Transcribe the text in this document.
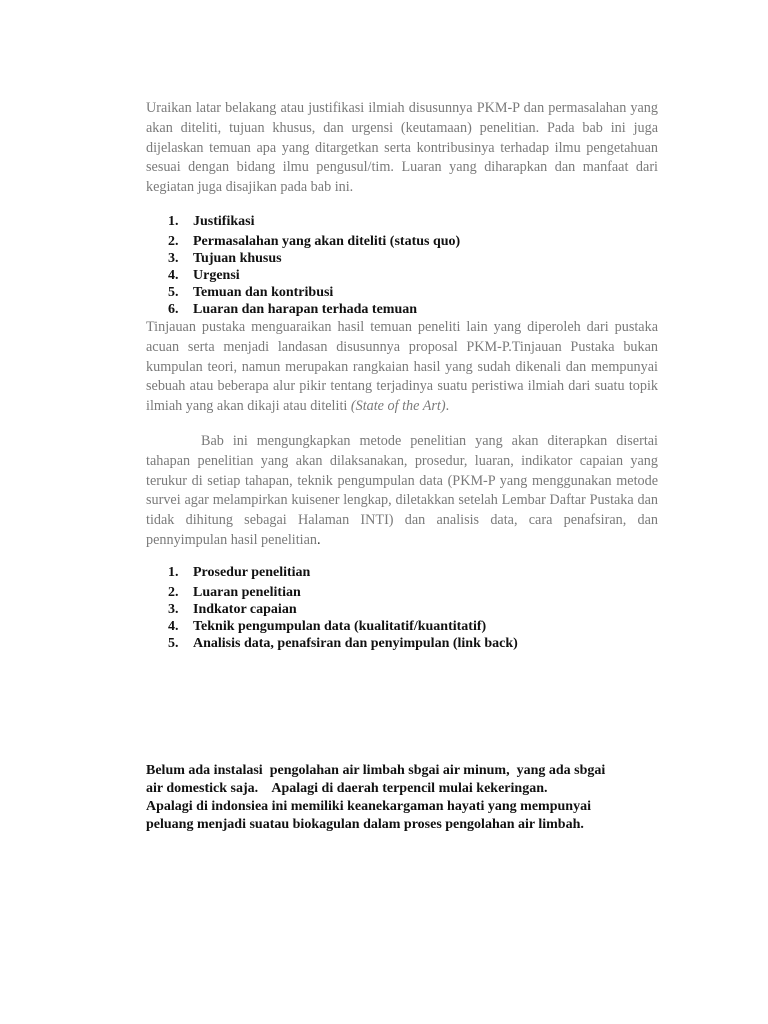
Uraikan latar belakang atau justifikasi ilmiah disusunnya PKM-P dan permasalahan yang akan diteliti, tujuan khusus, dan urgensi (keutamaan) penelitian. Pada bab ini juga dijelaskan temuan apa yang ditargetkan serta kontribusinya terhadap ilmu pengetahuan sesuai dengan bidang ilmu pengusul/tim. Luaran yang diharapkan dan manfaat dari kegiatan juga disajikan pada bab ini.

1. Justifikasi
2. Permasalahan yang akan diteliti (status quo)
3. Tujuan khusus
4. Urgensi
5. Temuan dan kontribusi
6. Luaran dan harapan terhada temuan

Tinjauan pustaka menguaraikan hasil temuan peneliti lain yang diperoleh dari pustaka acuan serta menjadi landasan disusunnya proposal PKM-P.Tinjauan Pustaka bukan kumpulan teori, namun merupakan rangkaian hasil yang sudah dikenali dan mempunyai sebuah atau beberapa alur pikir tentang terjadinya suatu peristiwa ilmiah dari suatu topik ilmiah yang akan dikaji atau diteliti (State of the Art).

Bab ini mengungkapkan metode penelitian yang akan diterapkan disertai tahapan penelitian yang akan dilaksanakan, prosedur, luaran, indikator capaian yang terukur di setiap tahapan, teknik pengumpulan data (PKM-P yang menggunakan metode survei agar melampirkan kuisener lengkap, diletakkan setelah Lembar Daftar Pustaka dan tidak dihitung sebagai Halaman INTI) dan analisis data, cara penafsiran, dan pennyimpulan hasil penelitian.

1. Prosedur penelitian
2. Luaran penelitian
3. Indkator capaian
4. Teknik pengumpulan data (kualitatif/kuantitatif)
5. Analisis data, penafsiran dan penyimpulan (link back)
Belum ada instalasi  pengolahan air limbah sbgai air minum,  yang ada sbgai
air domestick saja.    Apalagi di daerah terpencil mulai kekeringan.
Apalagi di indonsiea ini memiliki keanekargaman hayati yang mempunyai
peluang menjadi suatau biokagulan dalam proses pengolahan air limbah.
